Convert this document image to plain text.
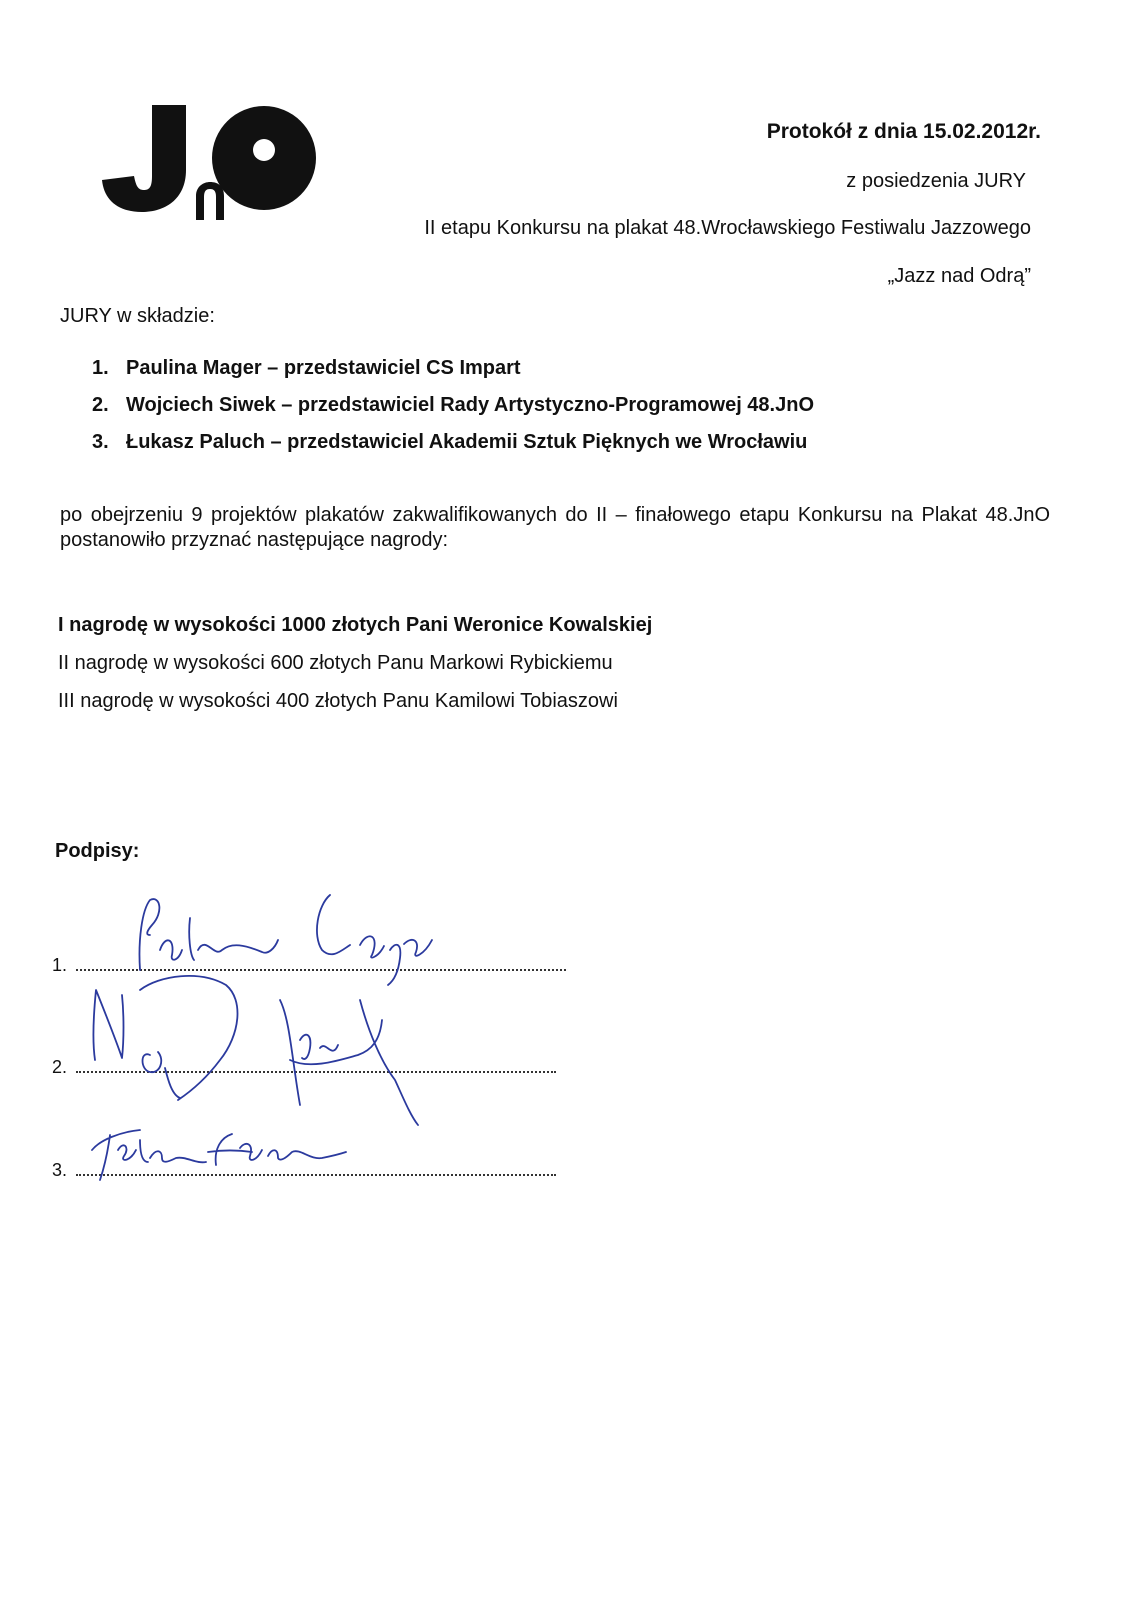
Protokół z dnia 15.02.2012r.
z posiedzenia JURY
II etapu Konkursu na plakat 48.Wrocławskiego Festiwalu Jazzowego
„Jazz nad Odrą”
JURY w składzie:
1. Paulina Mager – przedstawiciel CS Impart
2. Wojciech Siwek – przedstawiciel Rady Artystyczno-Programowej 48.JnO
3. Łukasz Paluch – przedstawiciel Akademii Sztuk Pięknych we Wrocławiu
po obejrzeniu 9 projektów plakatów zakwalifikowanych do II – finałowego etapu Konkursu na Plakat 48.JnO postanowiło przyznać następujące nagrody:
I nagrodę w wysokości 1000 złotych Pani Weronice Kowalskiej
II nagrodę w wysokości 600 złotych Panu Markowi Rybickiemu
III nagrodę w wysokości 400 złotych Panu Kamilowi Tobiaszowi
Podpisy:
1.
2.
3.
